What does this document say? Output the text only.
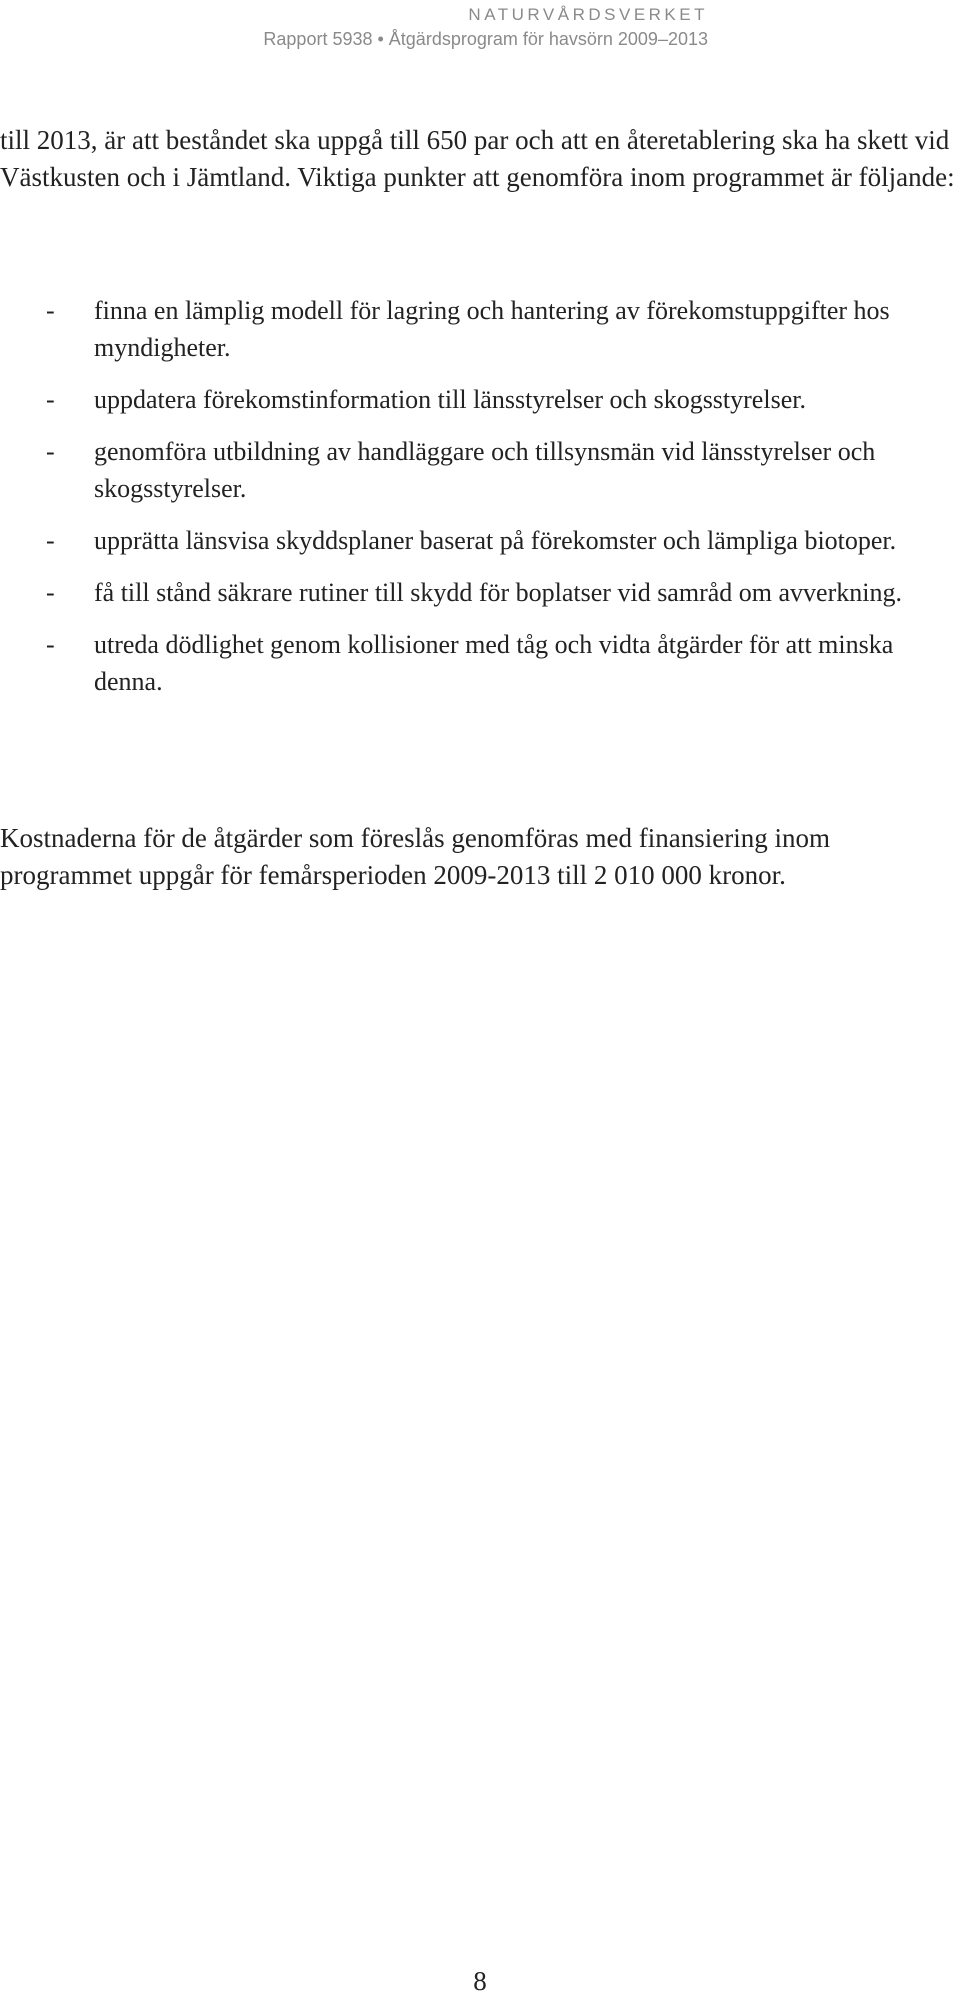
NATURVÅRDSVERKET
Rapport 5938 • Åtgärdsprogram för havsörn 2009–2013

till 2013, är att beståndet ska uppgå till 650 par och att en återetablering ska ha skett vid Västkusten och i Jämtland. Viktiga punkter att genomföra inom programmet är följande:

- finna en lämplig modell för lagring och hantering av förekomstuppgifter hos myndigheter.
- uppdatera förekomstinformation till länsstyrelser och skogsstyrelser.
- genomföra utbildning av handläggare och tillsynsmän vid länsstyrelser och skogsstyrelser.
- upprätta länsvisa skyddsplaner baserat på förekomster och lämpliga biotoper.
- få till stånd säkrare rutiner till skydd för boplatser vid samråd om avverkning.
- utreda dödlighet genom kollisioner med tåg och vidta åtgärder för att minska denna.

Kostnaderna för de åtgärder som föreslås genomföras med finansiering inom programmet uppgår för femårsperioden 2009-2013 till 2 010 000 kronor.

8
